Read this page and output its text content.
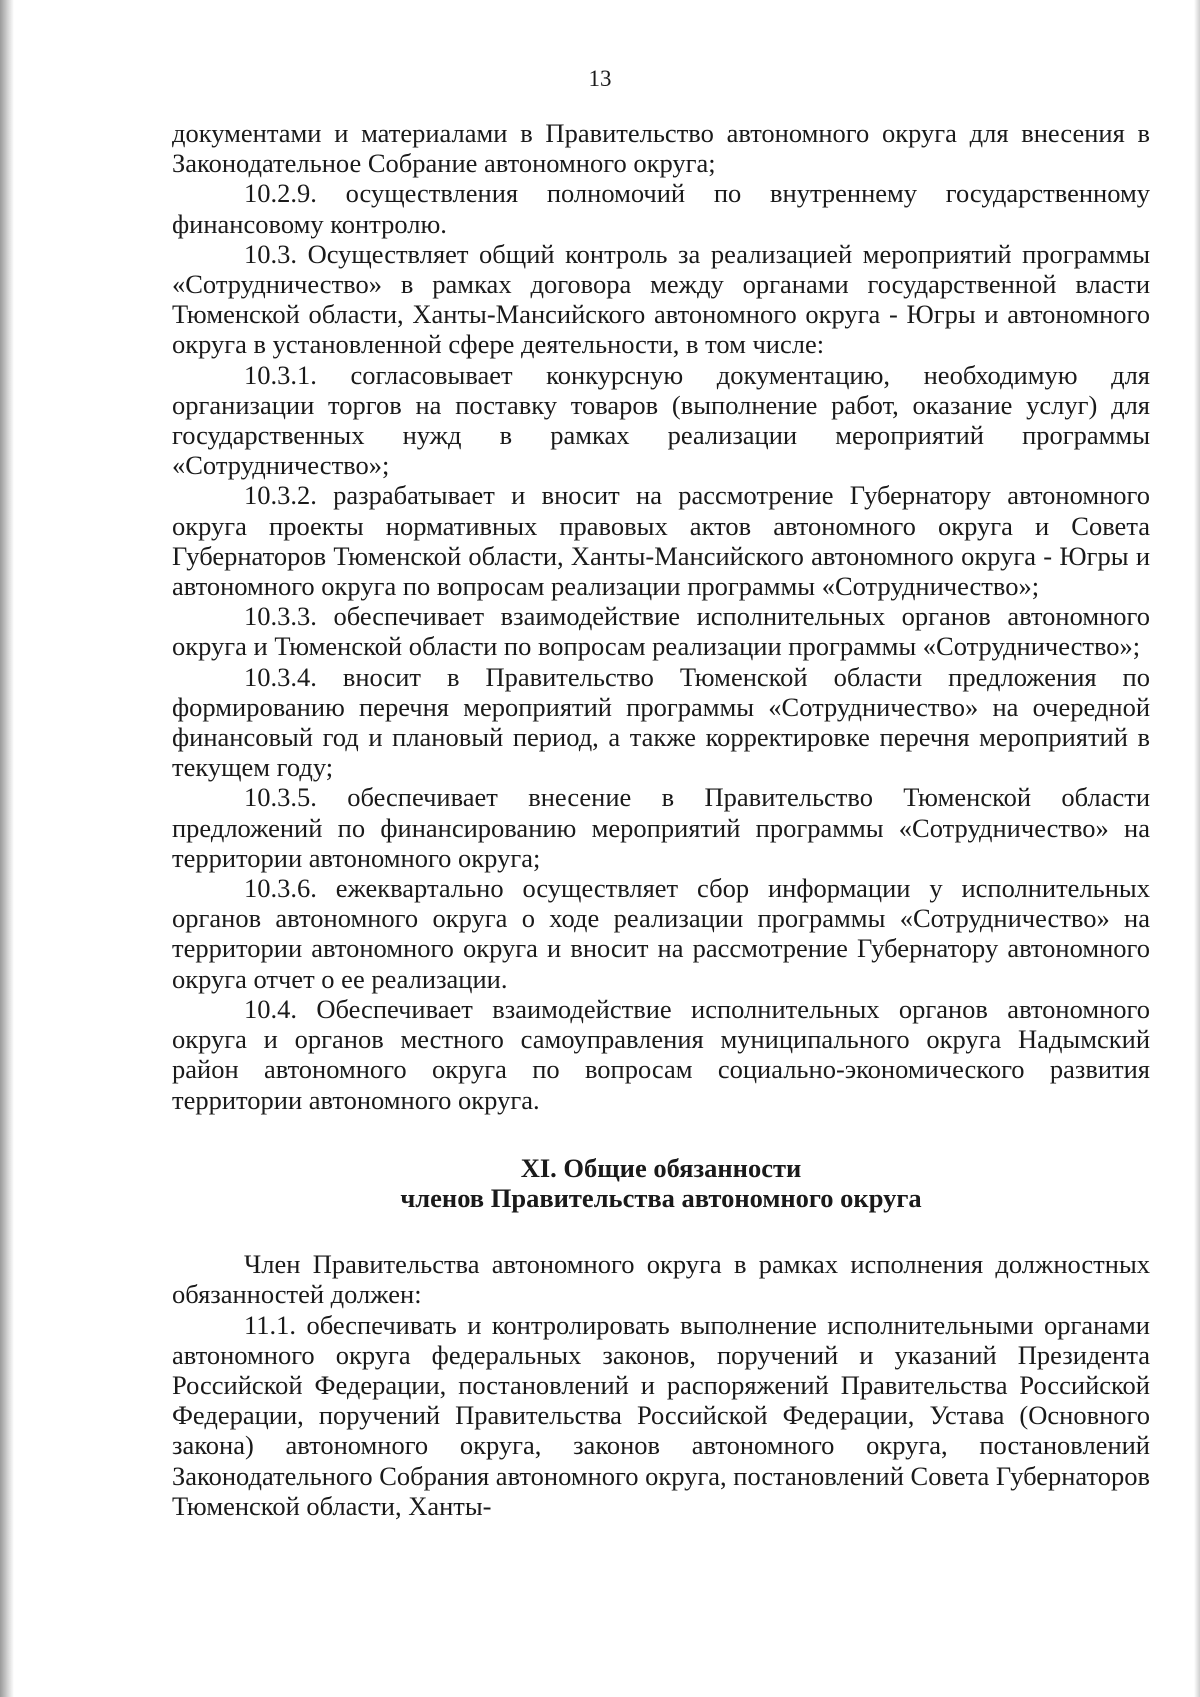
13

документами и материалами в Правительство автономного округа для внесения в Законодательное Собрание автономного округа;

10.2.9. осуществления полномочий по внутреннему государственному финансовому контролю.

10.3. Осуществляет общий контроль за реализацией мероприятий программы «Сотрудничество» в рамках договора между органами государственной власти Тюменской области, Ханты-Мансийского автономного округа - Югры и автономного округа в установленной сфере деятельности, в том числе:

10.3.1. согласовывает конкурсную документацию, необходимую для организации торгов на поставку товаров (выполнение работ, оказание услуг) для государственных нужд в рамках реализации мероприятий программы «Сотрудничество»;

10.3.2. разрабатывает и вносит на рассмотрение Губернатору автономного округа проекты нормативных правовых актов автономного округа и Совета Губернаторов Тюменской области, Ханты-Мансийского автономного округа - Югры и автономного округа по вопросам реализации программы «Сотрудничество»;

10.3.3. обеспечивает взаимодействие исполнительных органов автономного округа и Тюменской области по вопросам реализации программы «Сотрудничество»;

10.3.4. вносит в Правительство Тюменской области предложения по формированию перечня мероприятий программы «Сотрудничество» на очередной финансовый год и плановый период, а также корректировке перечня мероприятий в текущем году;

10.3.5. обеспечивает внесение в Правительство Тюменской области предложений по финансированию мероприятий программы «Сотрудничество» на территории автономного округа;

10.3.6. ежеквартально осуществляет сбор информации у исполнительных органов автономного округа о ходе реализации программы «Сотрудничество» на территории автономного округа и вносит на рассмотрение Губернатору автономного округа отчет о ее реализации.

10.4. Обеспечивает взаимодействие исполнительных органов автономного округа и органов местного самоуправления муниципального округа Надымский район автономного округа по вопросам социально-экономического развития территории автономного округа.

XI. Общие обязанности

членов Правительства автономного округа

Член Правительства автономного округа в рамках исполнения должностных обязанностей должен:

11.1. обеспечивать и контролировать выполнение исполнительными органами автономного округа федеральных законов, поручений и указаний Президента Российской Федерации, постановлений и распоряжений Правительства Российской Федерации, поручений Правительства Российской Федерации, Устава (Основного закона) автономного округа, законов автономного округа, постановлений Законодательного Собрания автономного округа, постановлений Совета Губернаторов Тюменской области, Ханты-
